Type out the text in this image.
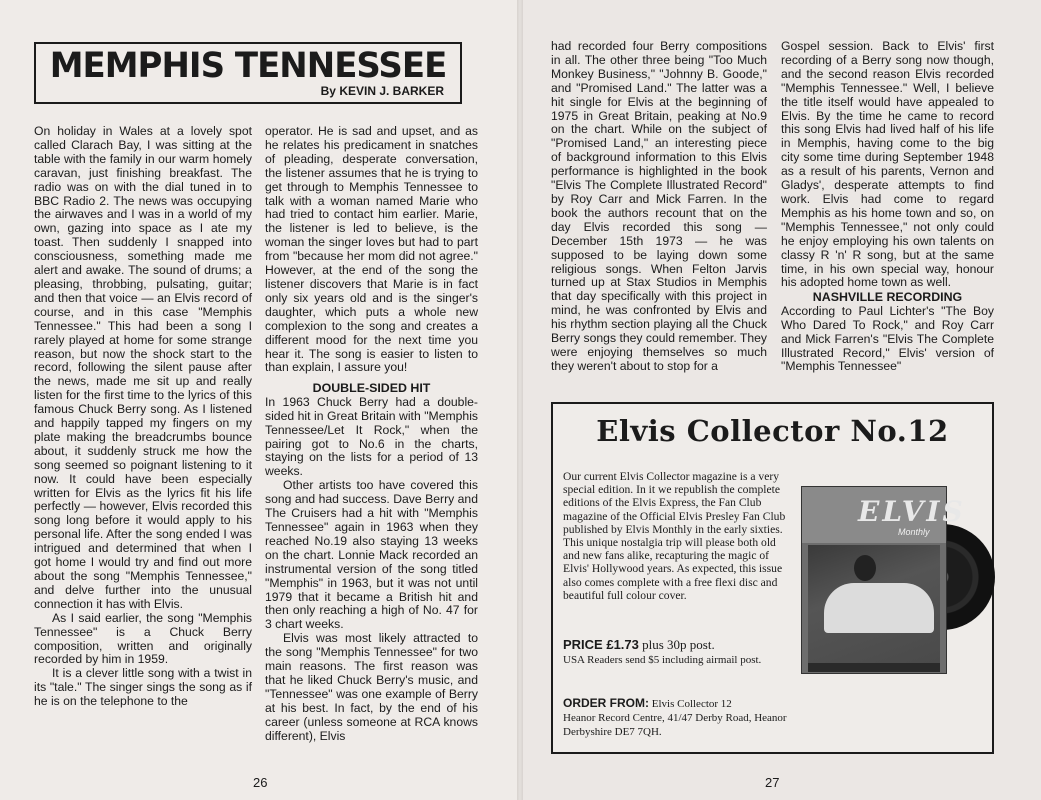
MEMPHIS TENNESSEE
By KEVIN J. BARKER

On holiday in Wales at a lovely spot called Clarach Bay, I was sitting at the table with the family in our warm homely caravan, just finishing breakfast. The radio was on with the dial tuned in to BBC Radio 2. The news was occupying the airwaves and I was in a world of my own, gazing into space as I ate my toast. Then suddenly I snapped into consciousness, something made me alert and awake. The sound of drums; a pleasing, throbbing, pulsating, guitar; and then that voice — an Elvis record of course, and in this case "Memphis Tennessee." This had been a song I rarely played at home for some strange reason, but now the shock start to the record, following the silent pause after the news, made me sit up and really listen for the first time to the lyrics of this famous Chuck Berry song. As I listened and happily tapped my fingers on my plate making the breadcrumbs bounce about, it suddenly struck me how the song seemed so poignant listening to it now. It could have been especially written for Elvis as the lyrics fit his life perfectly — however, Elvis recorded this song long before it would apply to his personal life. After the song ended I was intrigued and determined that when I got home I would try and find out more about the song "Memphis Tennessee," and delve further into the unusual connection it has with Elvis.

As I said earlier, the song "Memphis Tennessee" is a Chuck Berry composition, written and originally recorded by him in 1959.

It is a clever little song with a twist in its "tale." The singer sings the song as if he is on the telephone to the

operator. He is sad and upset, and as he relates his predicament in snatches of pleading, desperate conversation, the listener assumes that he is trying to get through to Memphis Tennessee to talk with a woman named Marie who had tried to contact him earlier. Marie, the listener is led to believe, is the woman the singer loves but had to part from "because her mom did not agree." However, at the end of the song the listener discovers that Marie is in fact only six years old and is the singer's daughter, which puts a whole new complexion to the song and creates a different mood for the next time you hear it. The song is easier to listen to than explain, I assure you!

DOUBLE-SIDED HIT

In 1963 Chuck Berry had a double-sided hit in Great Britain with "Memphis Tennessee/Let It Rock," when the pairing got to No.6 in the charts, staying on the lists for a period of 13 weeks.

Other artists too have covered this song and had success. Dave Berry and The Cruisers had a hit with "Memphis Tennessee" again in 1963 when they reached No.19 also staying 13 weeks on the chart. Lonnie Mack recorded an instrumental version of the song titled "Memphis" in 1963, but it was not until 1979 that it became a British hit and then only reaching a high of No. 47 for 3 chart weeks.

Elvis was most likely attracted to the song "Memphis Tennessee" for two main reasons. The first reason was that he liked Chuck Berry's music, and "Tennessee" was one example of Berry at his best. In fact, by the end of his career (unless someone at RCA knows different), Elvis

had recorded four Berry compositions in all. The other three being "Too Much Monkey Business," "Johnny B. Goode," and "Promised Land." The latter was a hit single for Elvis at the beginning of 1975 in Great Britain, peaking at No.9 on the chart. While on the subject of "Promised Land," an interesting piece of background information to this Elvis performance is highlighted in the book "Elvis The Complete Illustrated Record" by Roy Carr and Mick Farren. In the book the authors recount that on the day Elvis recorded this song — December 15th 1973 — he was supposed to be laying down some religious songs. When Felton Jarvis turned up at Stax Studios in Memphis that day specifically with this project in mind, he was confronted by Elvis and his rhythm section playing all the Chuck Berry songs they could remember. They were enjoying themselves so much they weren't about to stop for a

Gospel session. Back to Elvis' first recording of a Berry song now though, and the second reason Elvis recorded "Memphis Tennessee." Well, I believe the title itself would have appealed to Elvis. By the time he came to record this song Elvis had lived half of his life in Memphis, having come to the big city some time during September 1948 as a result of his parents, Vernon and Gladys', desperate attempts to find work. Elvis had come to regard Memphis as his home town and so, on "Memphis Tennessee," not only could he enjoy employing his own talents on classy R 'n' R song, but at the same time, in his own special way, honour his adopted home town as well.

NASHVILLE RECORDING

According to Paul Lichter's "The Boy Who Dared To Rock," and Roy Carr and Mick Farren's "Elvis The Complete Illustrated Record," Elvis' version of "Memphis Tennessee"

Elvis Collector No.12
Our current Elvis Collector magazine is a very special edition. In it we republish the complete editions of the Elvis Express, the Fan Club magazine of the Official Elvis Presley Fan Club published by Elvis Monthly in the early sixties. This unique nostalgia trip will please both old and new fans alike, recapturing the magic of Elvis' Hollywood years. As expected, this issue also comes complete with a free flexi disc and beautiful full colour cover.
ELVIS
Monthly
PRICE £1.73 plus 30p post.
USA Readers send $5 including airmail post.
ORDER FROM: Elvis Collector 12
Heanor Record Centre, 41/47 Derby Road, Heanor
Derbyshire DE7 7QH.
26	27
